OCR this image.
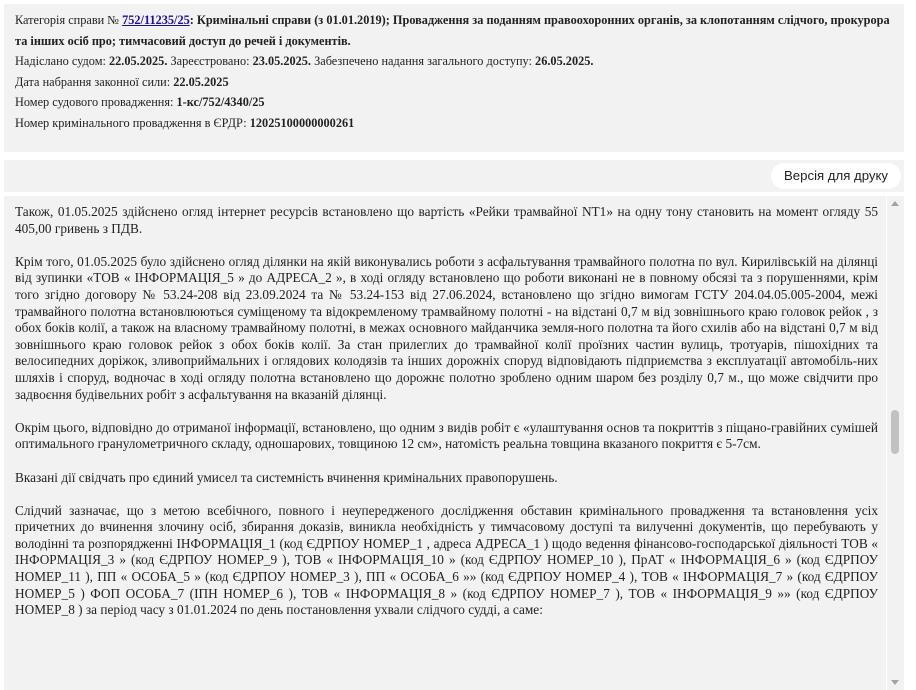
Категорія справи № 752/11235/25: Кримінальні справи (з 01.01.2019); Провадження за поданням правоохоронних органів, за клопотанням слідчого, прокурора та інших осіб про; тимчасовий доступ до речей і документів.
Надіслано судом: 22.05.2025. Зареєстровано: 23.05.2025. Забезпечено надання загального доступу: 26.05.2025.
Дата набрання законної сили: 22.05.2025
Номер судового провадження: 1-кс/752/4340/25
Номер кримінального провадження в ЄРДР: 12025100000000261
Версія для друку

Також, 01.05.2025 здійснено огляд інтернет ресурсів встановлено що вартість «Рейки трамвайної NT1» на одну тону становить на момент огляду 55 405,00 гривень з ПДВ.

Крім того, 01.05.2025 було здійснено огляд ділянки на якій виконувались роботи з асфальтування трамвайного полотна по вул. Кирилівській на ділянці від зупинки «ТОВ « ІНФОРМАЦІЯ_5 » до АДРЕСА_2 », в ході огляду встановлено що роботи виконані не в повному обсязі та з порушеннями, крім того згідно договору № 53.24-208 від 23.09.2024 та № 53.24-153 від 27.06.2024, встановлено що згідно вимогам ГСТУ 204.04.05.005-2004, межі трамвайного полотна встановлюються суміщеному та відокремленому трамвайному полотні - на відстані 0,7 м від зовнішнього краю головок рейок , з обох боків колії, а також на власному трамвайному полотні, в межах основного майданчика земля-ного полотна та його схилів або на відстані 0,7 м від зовнішнього краю головок рейок з обох боків колії. За стан прилеглих до трамвайної колії проїзних частин вулиць, тротуарів, пішохідних та велосипедних доріжок, зливоприймальних і оглядових колодязів та інших дорожніх споруд відповідають підприємства з експлуатації автомобіль-них шляхів і споруд, водночас в ході огляду полотна встановлено що дорожнє полотно зроблено одним шаром без розділу 0,7 м., що може свідчити про задвоєння будівельних робіт з асфальтування на вказаній ділянці.

Окрім цього, відповідно до отриманої інформації, встановлено, що одним з видів робіт є «улаштування основ та покриттів з піщано-гравійних сумішей оптимального гранулометричного складу, одношарових, товщиною 12 см», натомість реальна товщина вказаного покриття є 5-7см.

Вказані дії свідчать про єдиний умисел та системність вчинення кримінальних правопорушень.

Слідчий зазначає, що з метою всебічного, повного і неупередженого дослідження обставин кримінального провадження та встановлення усіх причетних до вчинення злочину осіб, збирання доказів, виникла необхідність у тимчасовому доступі та вилученні документів, що перебувають у володінні та розпорядженні ІНФОРМАЦІЯ_1 (код ЄДРПОУ НОМЕР_1 , адреса АДРЕСА_1 ) щодо ведення фінансово-господарської діяльності ТОВ « ІНФОРМАЦІЯ_3 » (код ЄДРПОУ НОМЕР_9 ), ТОВ « ІНФОРМАЦІЯ_10 » (код ЄДРПОУ НОМЕР_10 ), ПрАТ « ІНФОРМАЦІЯ_6 » (код ЄДРПОУ НОМЕР_11 ), ПП « ОСОБА_5 » (код ЄДРПОУ НОМЕР_3 ), ПП « ОСОБА_6 »» (код ЄДРПОУ НОМЕР_4 ), ТОВ « ІНФОРМАЦІЯ_7 » (код ЄДРПОУ НОМЕР_5 ) ФОП ОСОБА_7 (ІПН НОМЕР_6 ), ТОВ « ІНФОРМАЦІЯ_8 » (код ЄДРПОУ НОМЕР_7 ), ТОВ « ІНФОРМАЦІЯ_9 »» (код ЄДРПОУ НОМЕР_8 ) за період часу з 01.01.2024 по день постановлення ухвали слідчого судді, а саме:
